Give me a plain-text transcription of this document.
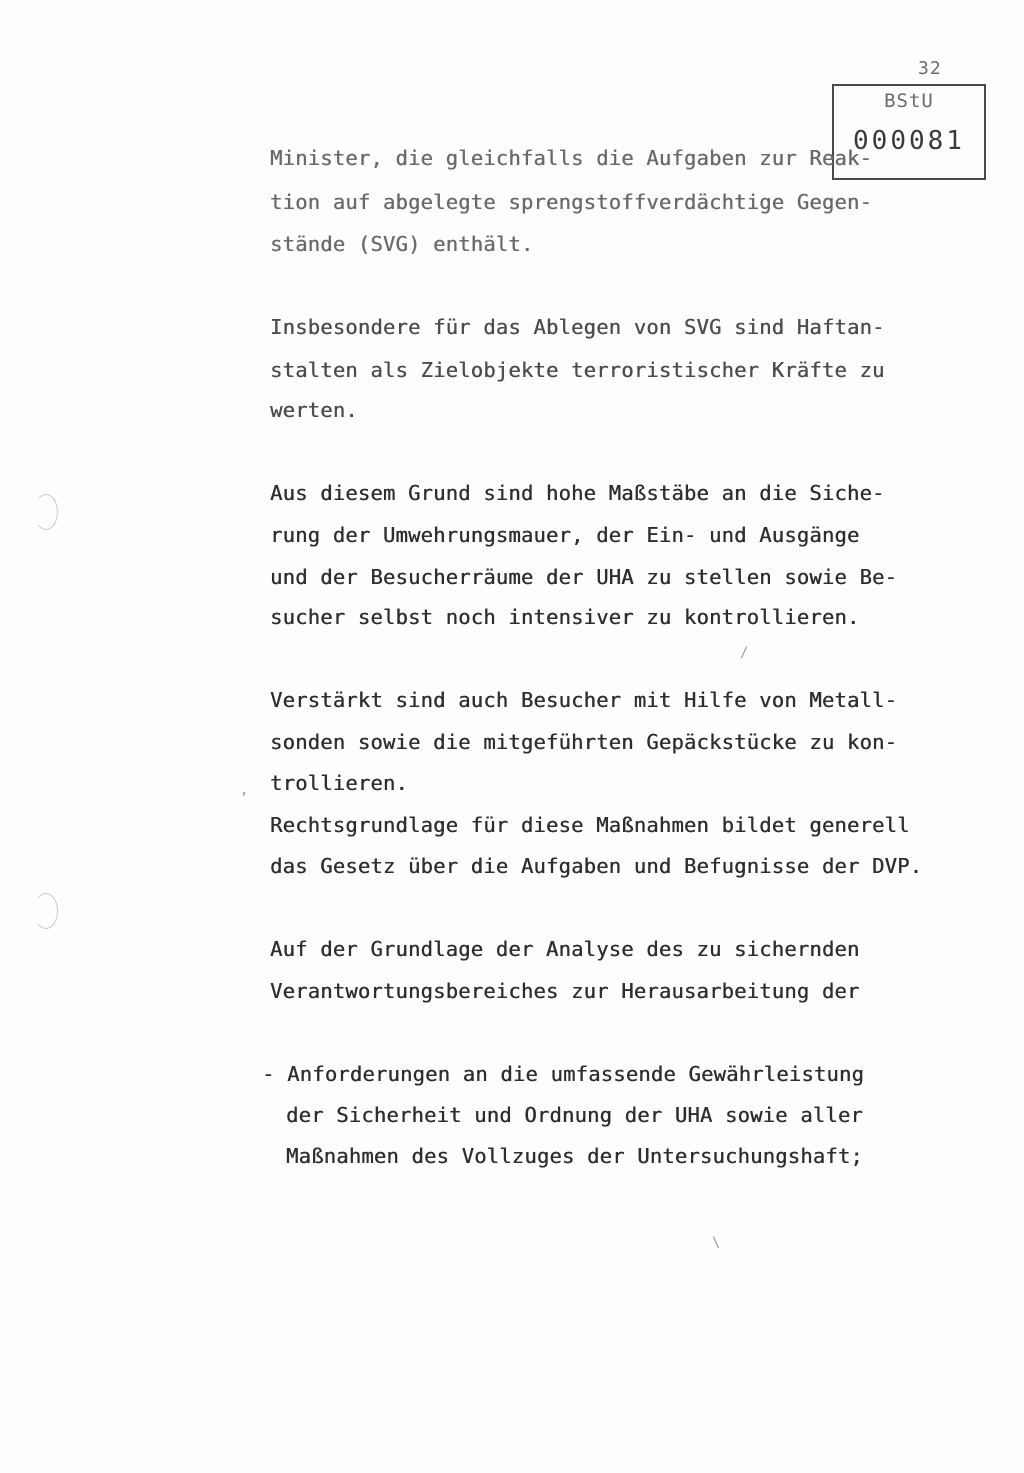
32
BStU
000081
/
,
\
Minister, die gleichfalls die Aufgaben zur Reak-
tion auf abgelegte sprengstoffverdächtige Gegen-
stände (SVG) enthält.
Insbesondere für das Ablegen von SVG sind Haftan-
stalten als Zielobjekte terroristischer Kräfte zu
werten.
Aus diesem Grund sind hohe Maßstäbe an die Siche-
rung der Umwehrungsmauer, der Ein- und Ausgänge
und der Besucherräume der UHA zu stellen sowie Be-
sucher selbst noch intensiver zu kontrollieren.
Verstärkt sind auch Besucher mit Hilfe von Metall-
sonden sowie die mitgeführten Gepäckstücke zu kon-
trollieren.
Rechtsgrundlage für diese Maßnahmen bildet generell
das Gesetz über die Aufgaben und Befugnisse der DVP.
Auf der Grundlage der Analyse des zu sichernden
Verantwortungsbereiches zur Herausarbeitung der
- Anforderungen an die umfassende Gewährleistung
der Sicherheit und Ordnung der UHA sowie aller
Maßnahmen des Vollzuges der Untersuchungshaft;
